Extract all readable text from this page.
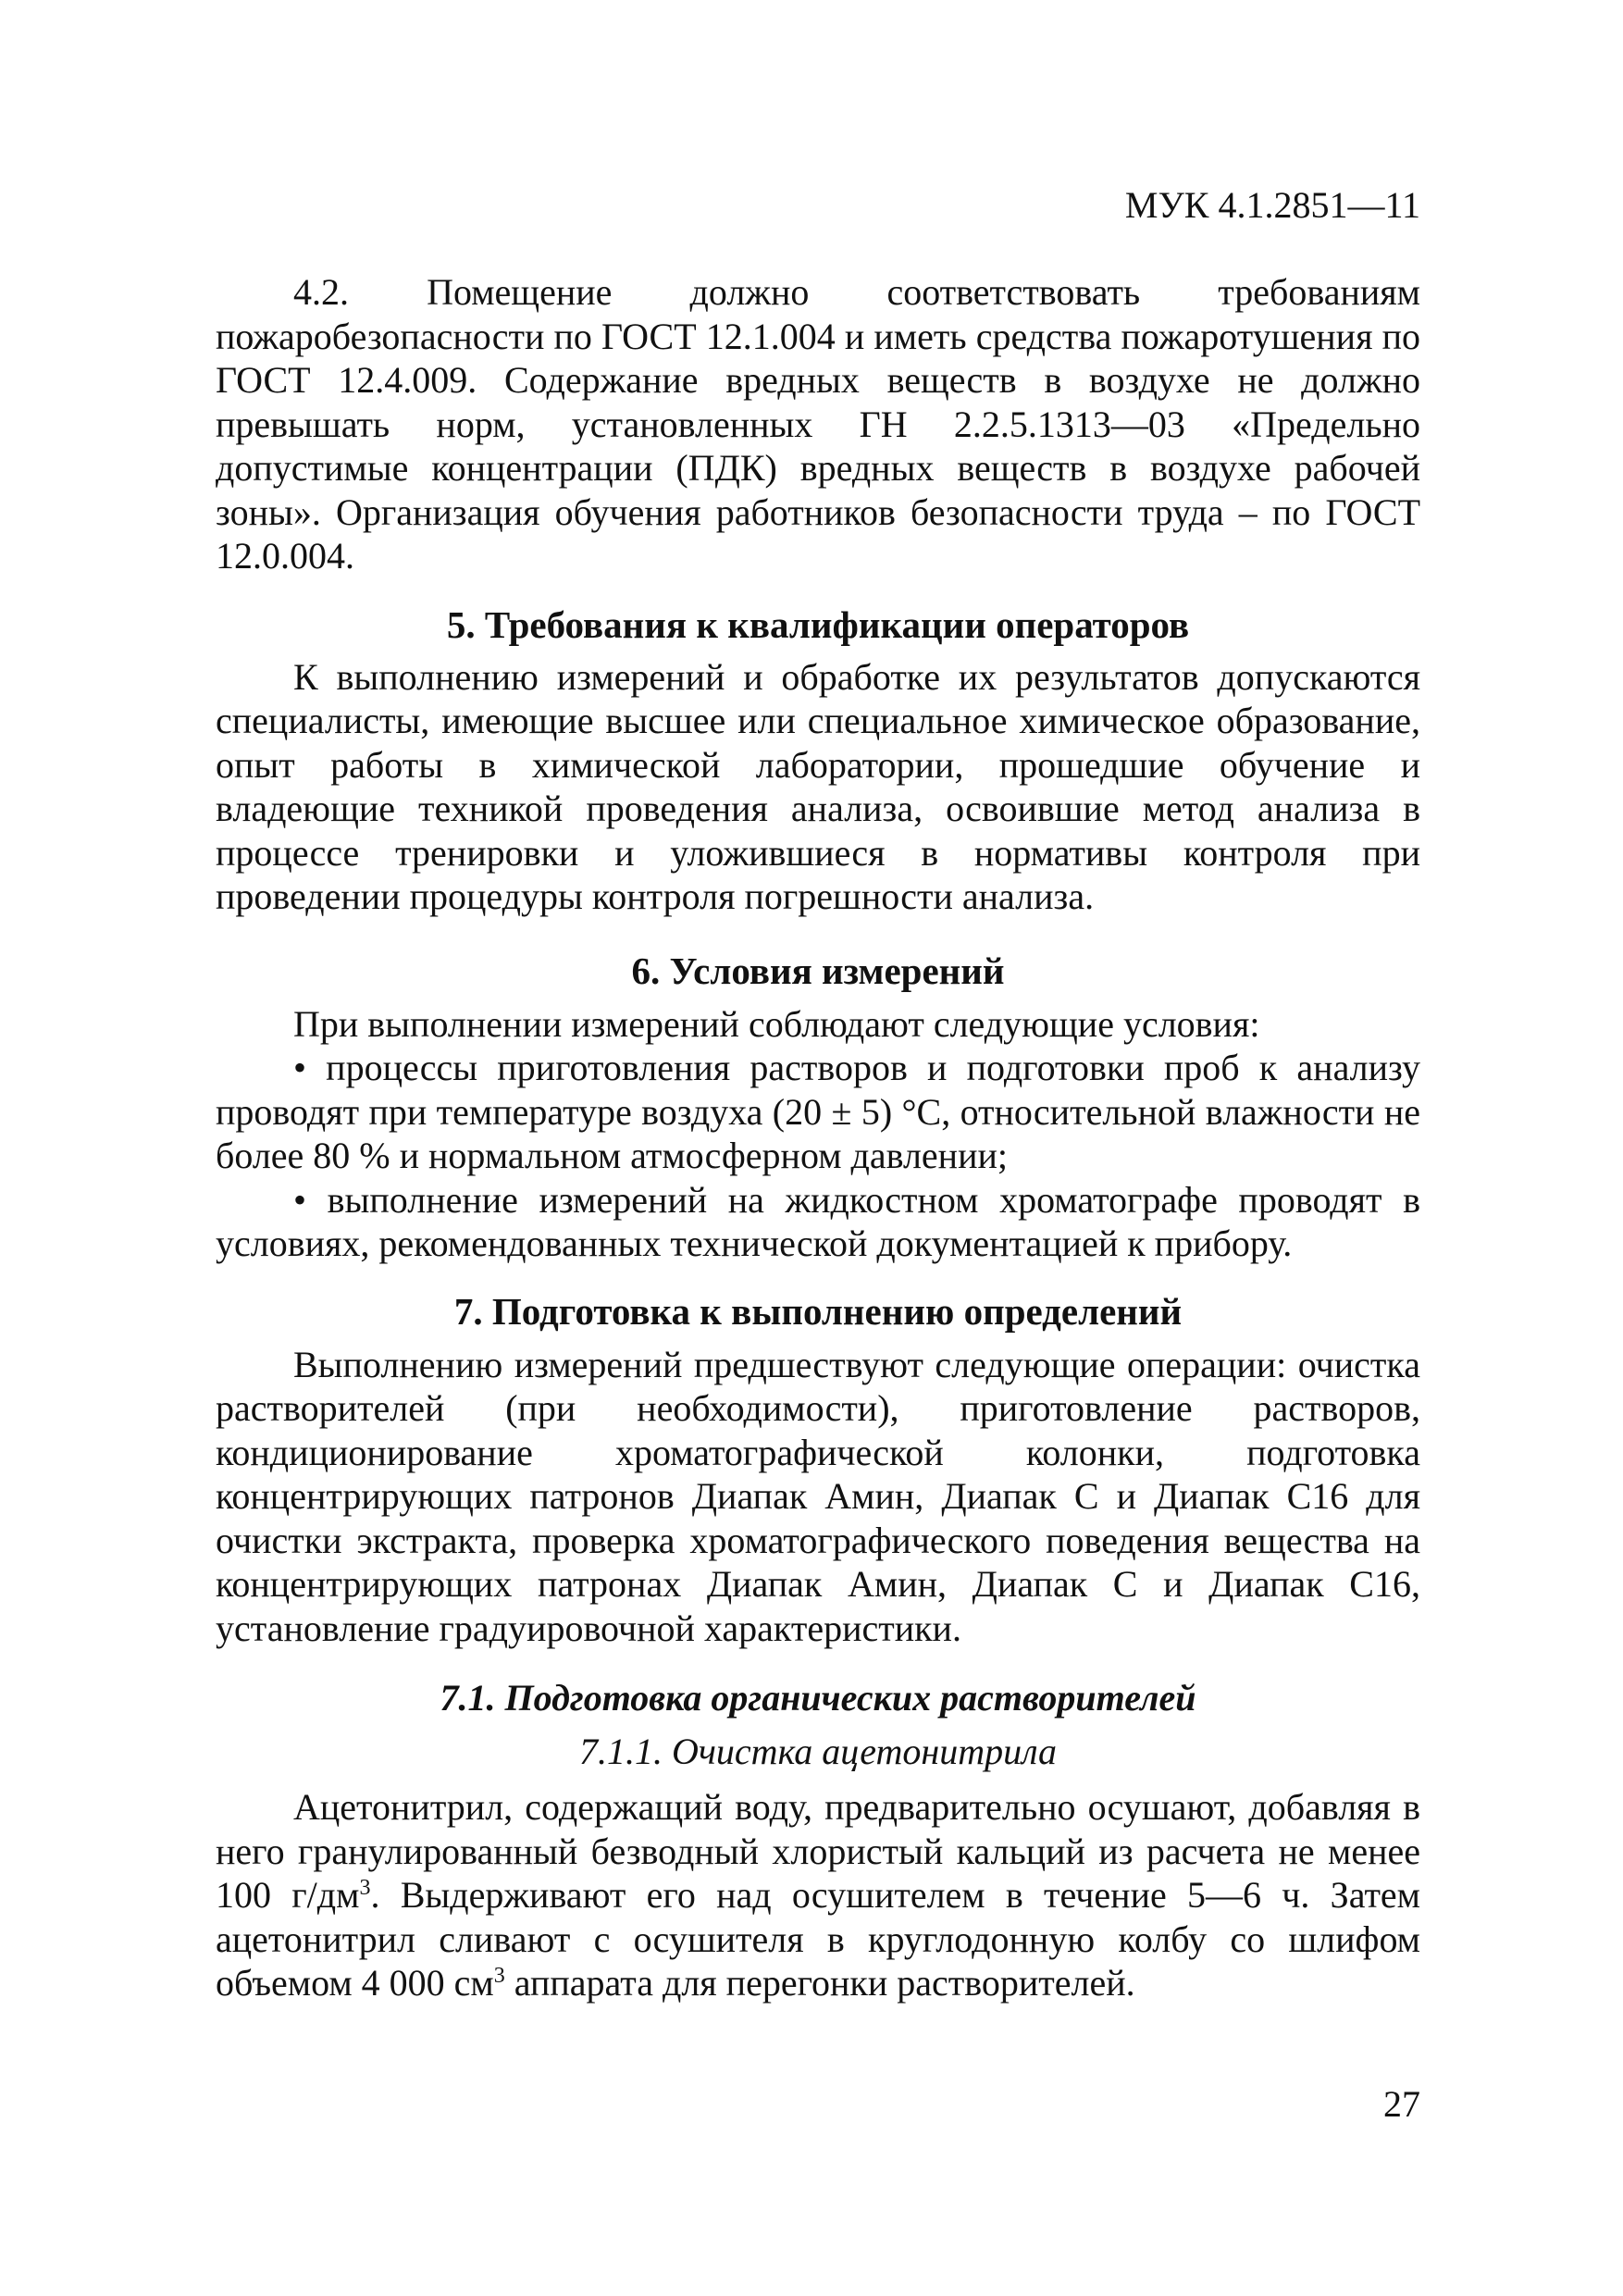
МУК 4.1.2851—11

4.2. Помещение должно соответствовать требованиям пожаробезопасности по ГОСТ 12.1.004 и иметь средства пожаротушения по ГОСТ 12.4.009. Содержание вредных веществ в воздухе не должно превышать норм, установленных ГН 2.2.5.1313—03 «Предельно допустимые концентрации (ПДК) вредных веществ в воздухе рабочей зоны». Организация обучения работников безопасности труда – по ГОСТ 12.0.004.

5. Требования к квалификации операторов

К выполнению измерений и обработке их результатов допускаются специалисты, имеющие высшее или специальное химическое образование, опыт работы в химической лаборатории, прошедшие обучение и владеющие техникой проведения анализа, освоившие метод анализа в процессе тренировки и уложившиеся в нормативы контроля при проведении процедуры контроля погрешности анализа.

6. Условия измерений

При выполнении измерений соблюдают следующие условия:

• процессы приготовления растворов и подготовки проб к анализу проводят при температуре воздуха (20 ± 5) °С, относительной влажности не более 80 % и нормальном атмосферном давлении;

• выполнение измерений на жидкостном хроматографе проводят в условиях, рекомендованных технической документацией к прибору.

7. Подготовка к выполнению определений

Выполнению измерений предшествуют следующие операции: очистка растворителей (при необходимости), приготовление растворов, кондиционирование хроматографической колонки, подготовка концентрирующих патронов Диапак Амин, Диапак С и Диапак С16 для очистки экстракта, проверка хроматографического поведения вещества на концентрирующих патронах Диапак Амин, Диапак С и Диапак С16, установление градуировочной характеристики.

7.1. Подготовка органических растворителей
7.1.1. Очистка ацетонитрила

Ацетонитрил, содержащий воду, предварительно осушают, добавляя в него гранулированный безводный хлористый кальций из расчета не менее 100 $г/дм^3$. Выдерживают его над осушителем в течение 5—6 ч. Затем ацетонитрил сливают с осушителя в круглодонную колбу со шлифом объемом 4 000 $см^3$ аппарата для перегонки растворителей.

27
